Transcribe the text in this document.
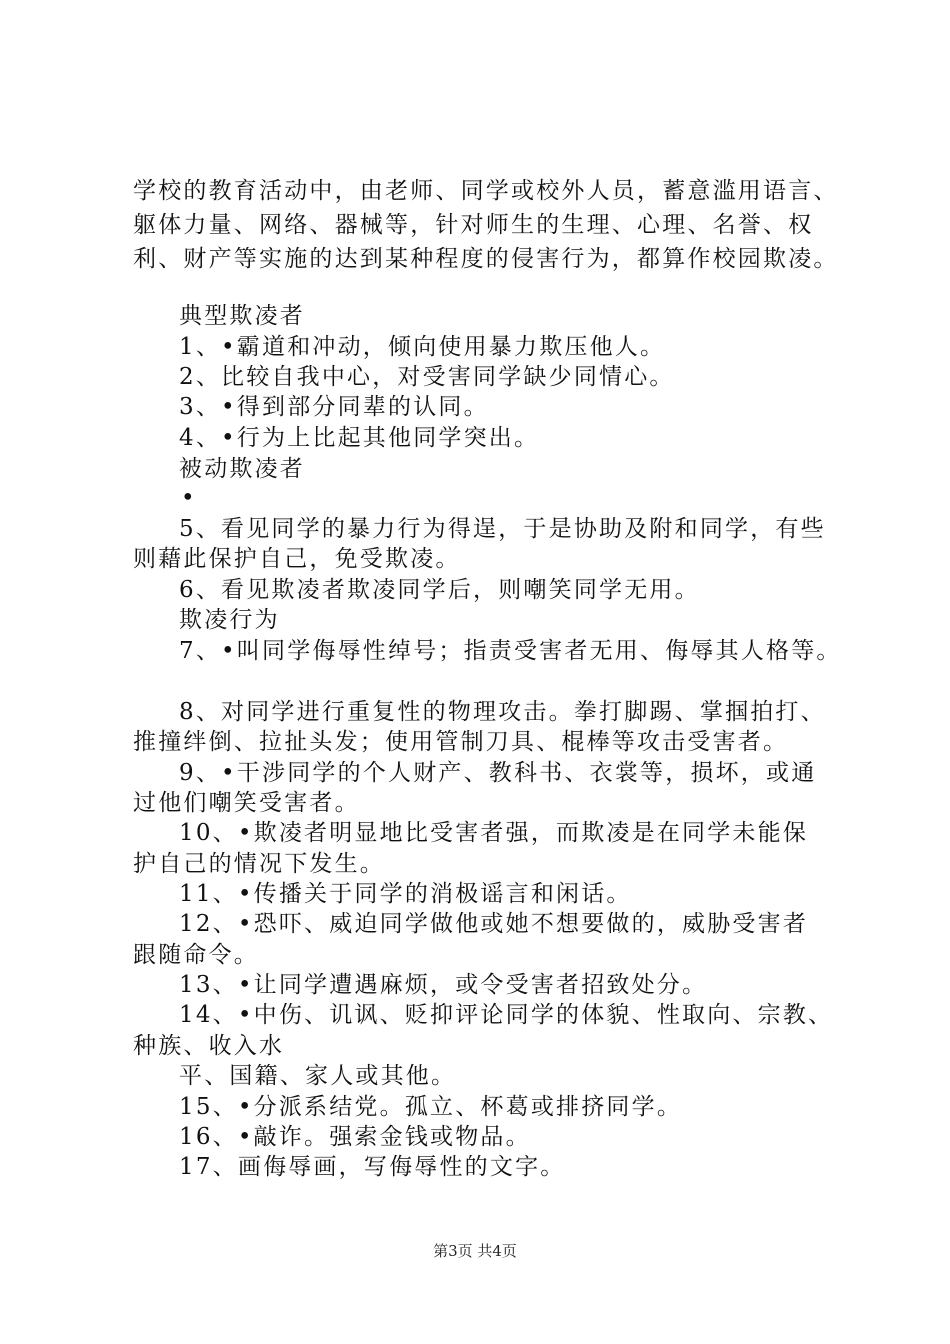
学校的教育活动中，由老师、同学或校外人员，蓄意滥用语言、
躯体力量、网络、器械等，针对师生的生理、心理、名誉、权
利、财产等实施的达到某种程度的侵害行为，都算作校园欺凌。
典型欺凌者
1、•霸道和冲动，倾向使用暴力欺压他人。
2、比较自我中心，对受害同学缺少同情心。
3、•得到部分同辈的认同。
4、•行为上比起其他同学突出。
被动欺凌者
•
5、看见同学的暴力行为得逞，于是协助及附和同学，有些
则藉此保护自己，免受欺凌。
6、看见欺凌者欺凌同学后，则嘲笑同学无用。
欺凌行为
7、•叫同学侮辱性绰号；指责受害者无用、侮辱其人格等。
8、对同学进行重复性的物理攻击。拳打脚踢、掌掴拍打、
推撞绊倒、拉扯头发；使用管制刀具、棍棒等攻击受害者。
9、•干涉同学的个人财产、教科书、衣裳等，损坏，或通
过他们嘲笑受害者。
10、•欺凌者明显地比受害者强，而欺凌是在同学未能保
护自己的情况下发生。
11、•传播关于同学的消极谣言和闲话。
12、•恐吓、威迫同学做他或她不想要做的，威胁受害者
跟随命令。
13、•让同学遭遇麻烦，或令受害者招致处分。
14、•中伤、讥讽、贬抑评论同学的体貌、性取向、宗教、
种族、收入水
平、国籍、家人或其他。
15、•分派系结党。孤立、杯葛或排挤同学。
16、•敲诈。强索金钱或物品。
17、画侮辱画，写侮辱性的文字。
第3页 共4页
